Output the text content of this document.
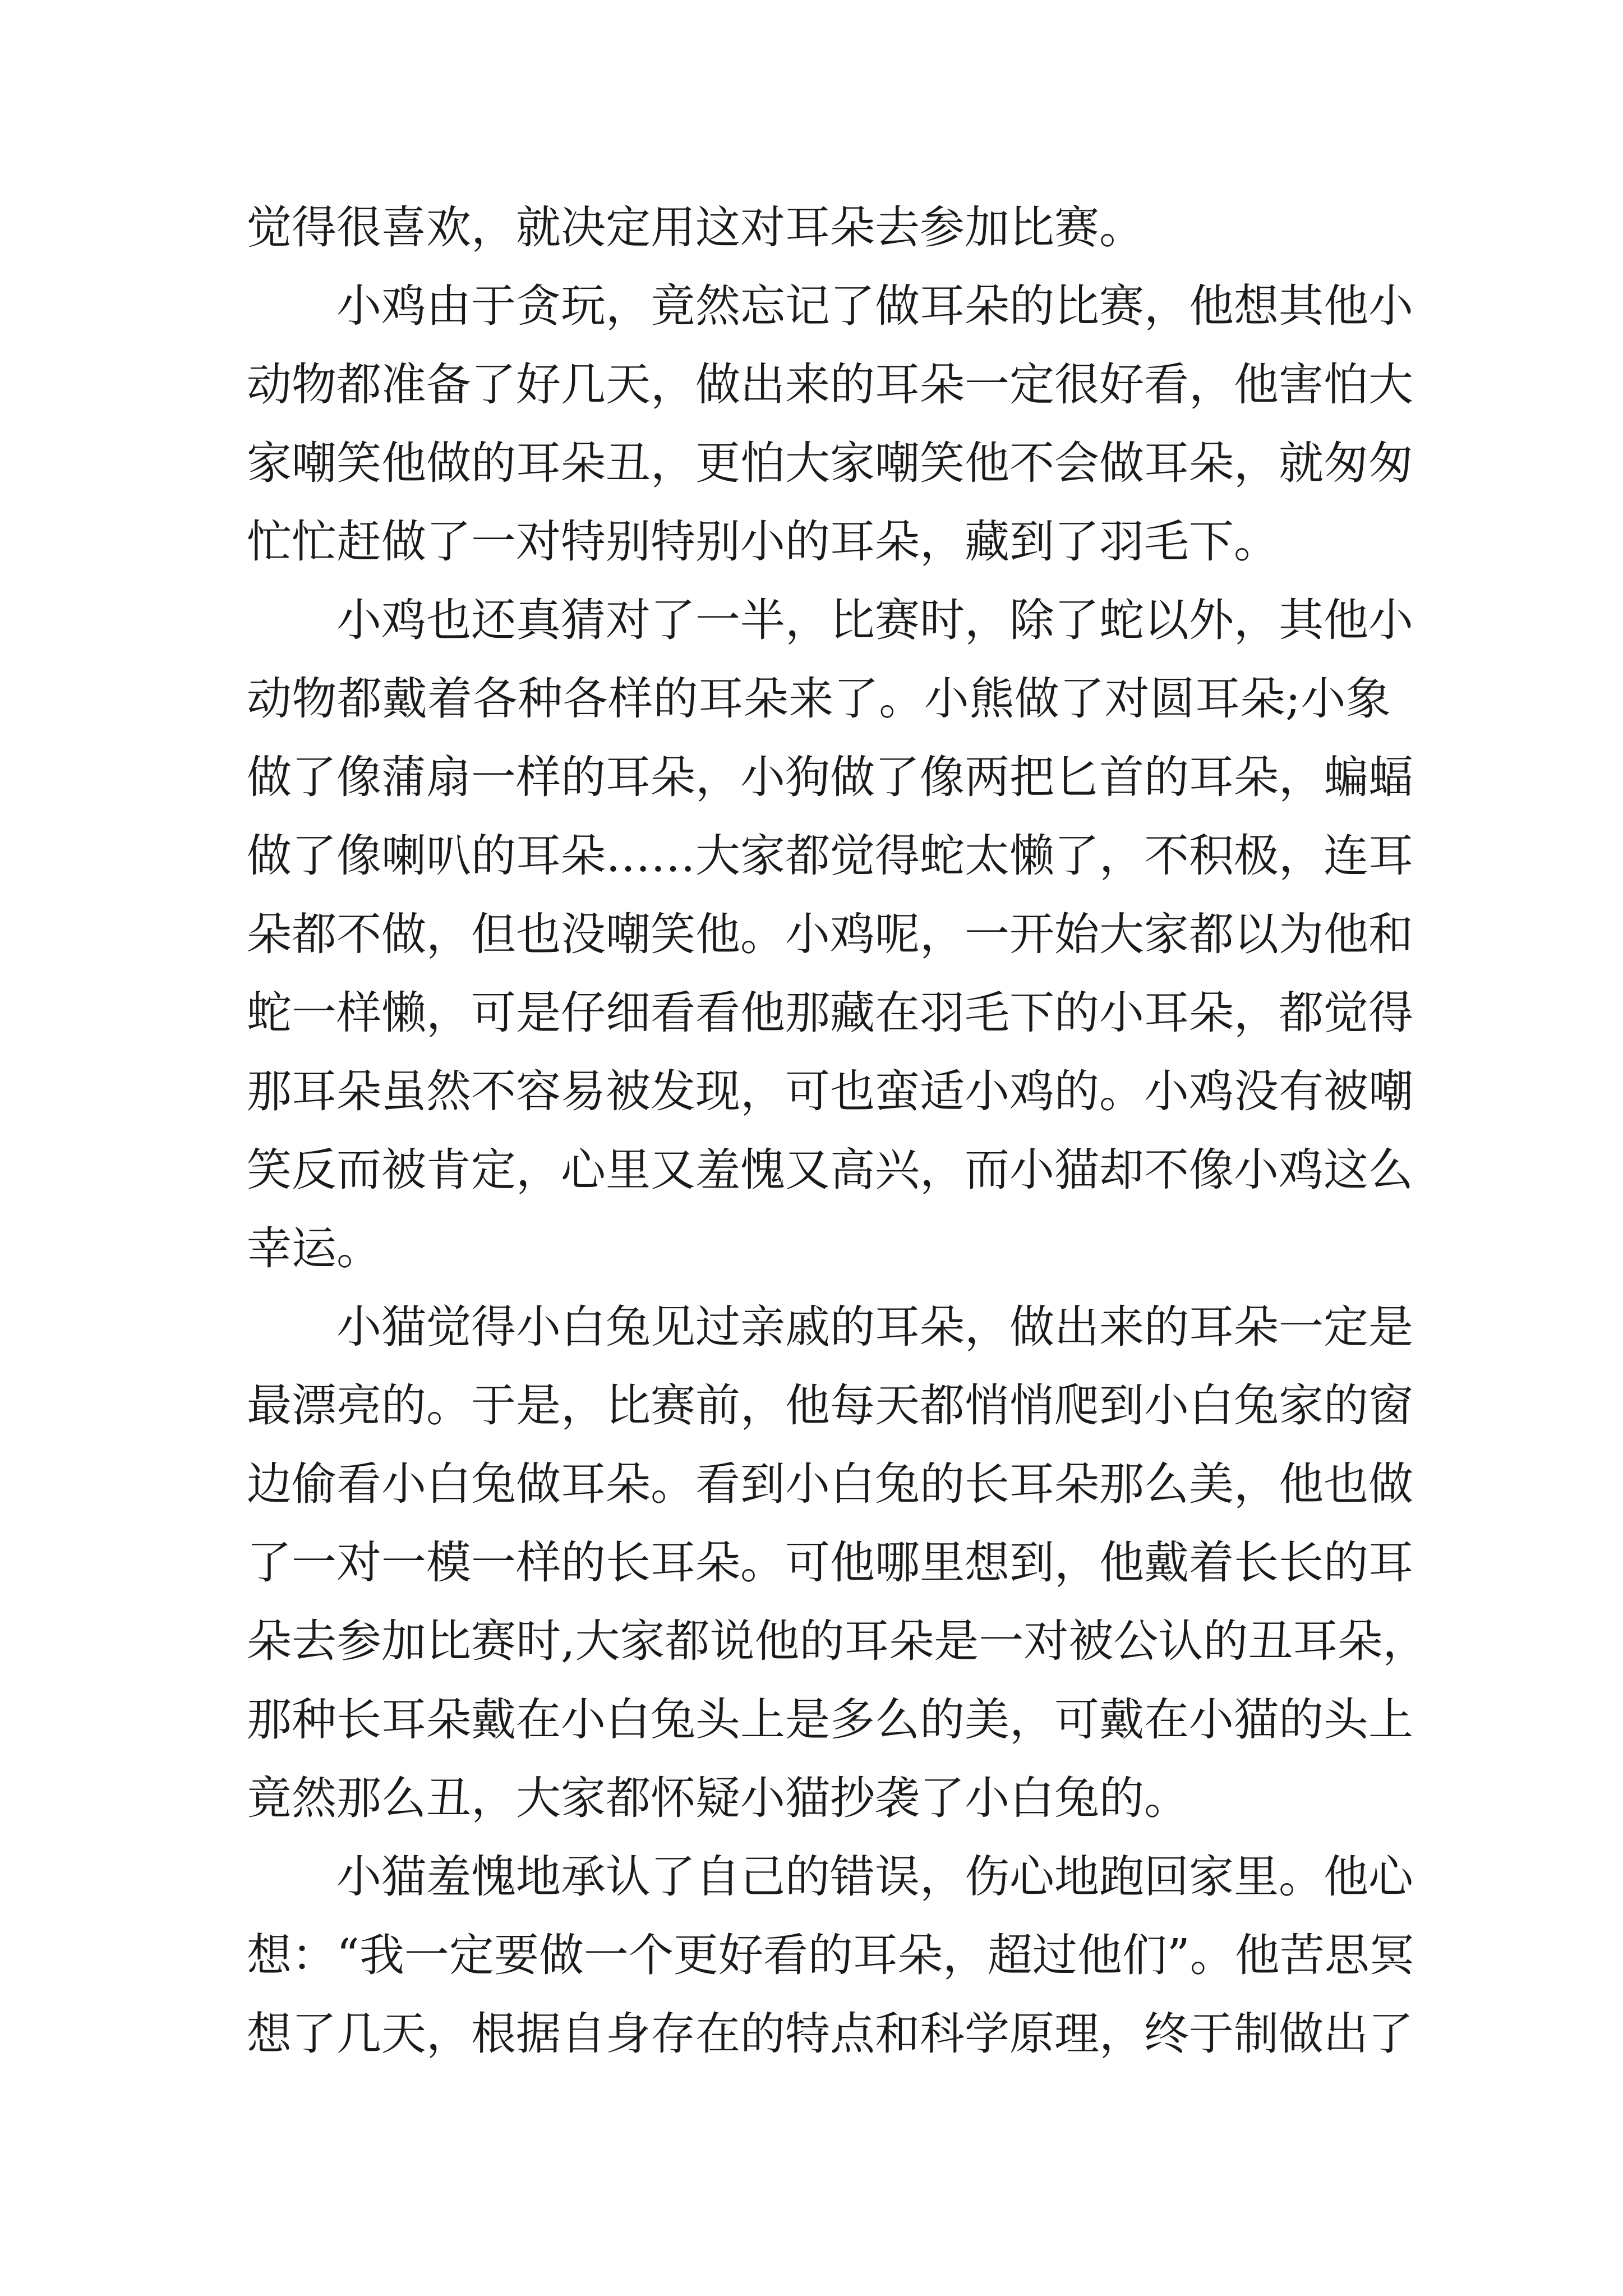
觉得很喜欢，就决定用这对耳朵去参加比赛。
小鸡由于贪玩，竟然忘记了做耳朵的比赛，他想其他小
动物都准备了好几天，做出来的耳朵一定很好看，他害怕大
家嘲笑他做的耳朵丑，更怕大家嘲笑他不会做耳朵，就匆匆
忙忙赶做了一对特别特别小的耳朵，藏到了羽毛下。
小鸡也还真猜对了一半，比赛时，除了蛇以外，其他小
动物都戴着各种各样的耳朵来了。小熊做了对圆耳朵;小象
做了像蒲扇一样的耳朵，小狗做了像两把匕首的耳朵，蝙蝠
做了像喇叭的耳朵……大家都觉得蛇太懒了，不积极，连耳
朵都不做，但也没嘲笑他。小鸡呢，一开始大家都以为他和
蛇一样懒，可是仔细看看他那藏在羽毛下的小耳朵，都觉得
那耳朵虽然不容易被发现，可也蛮适小鸡的。小鸡没有被嘲
笑反而被肯定，心里又羞愧又高兴，而小猫却不像小鸡这么
幸运。
小猫觉得小白兔见过亲戚的耳朵，做出来的耳朵一定是
最漂亮的。于是，比赛前，他每天都悄悄爬到小白兔家的窗
边偷看小白兔做耳朵。看到小白兔的长耳朵那么美，他也做
了一对一模一样的长耳朵。可他哪里想到，他戴着长长的耳
朵去参加比赛时,大家都说他的耳朵是一对被公认的丑耳朵，
那种长耳朵戴在小白兔头上是多么的美，可戴在小猫的头上
竟然那么丑，大家都怀疑小猫抄袭了小白兔的。
小猫羞愧地承认了自己的错误，伤心地跑回家里。他心
想：“我一定要做一个更好看的耳朵，超过他们”。他苦思冥
想了几天，根据自身存在的特点和科学原理，终于制做出了
